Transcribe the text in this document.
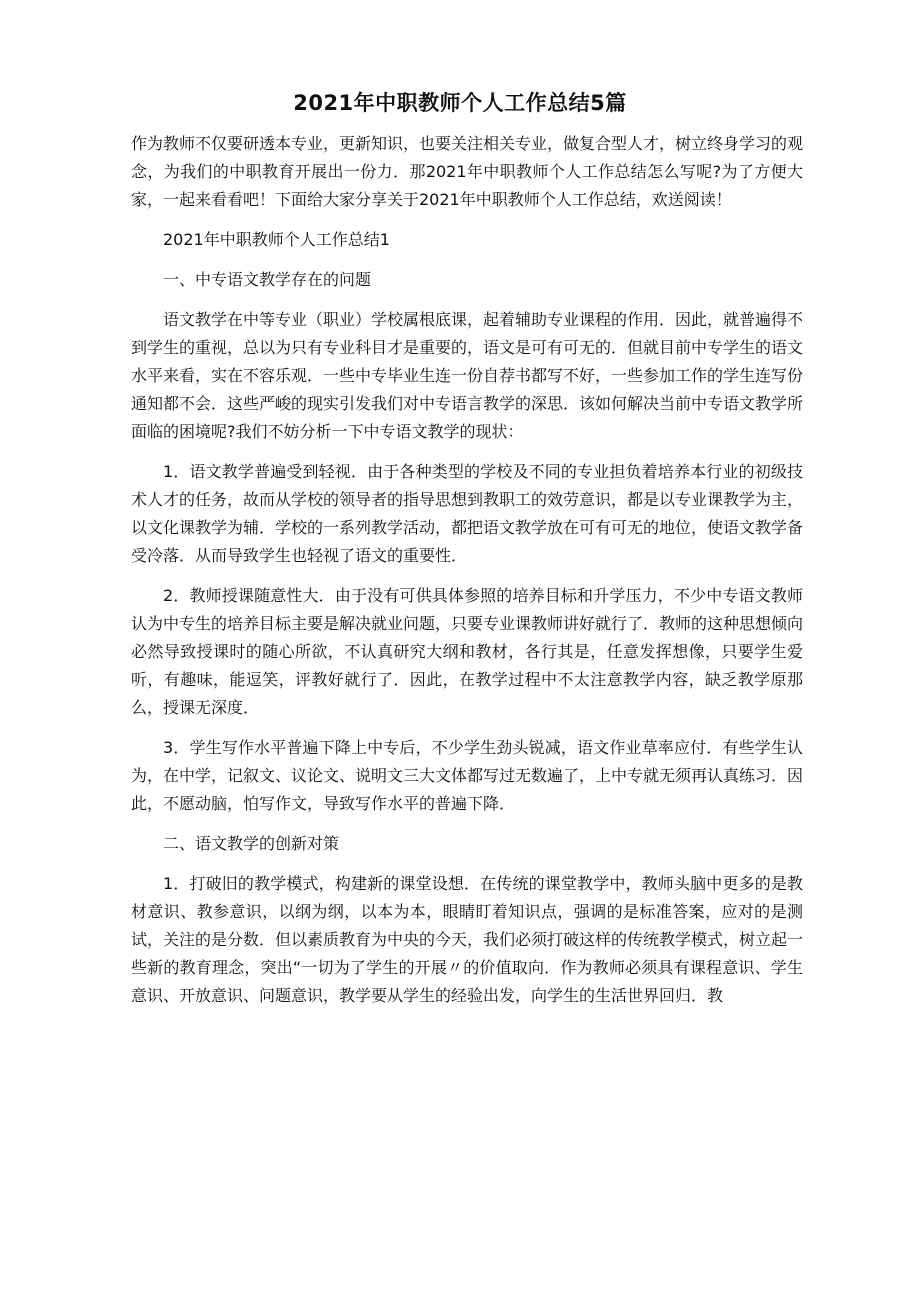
2021年中职教师个人工作总结5篇

作为教师不仅要研透本专业，更新知识，也要关注相关专业，做复合型人才，树立终身学习的观念，为我们的中职教育开展出一份力．那2021年中职教师个人工作总结怎么写呢?为了方便大家，一起来看看吧！下面给大家分享关于2021年中职教师个人工作总结，欢送阅读！

2021年中职教师个人工作总结1

一、中专语文教学存在的问题

语文教学在中等专业（职业）学校属根底课，起着辅助专业课程的作用．因此，就普遍得不到学生的重视，总以为只有专业科目才是重要的，语文是可有可无的．但就目前中专学生的语文水平来看，实在不容乐观．一些中专毕业生连一份自荐书都写不好，一些参加工作的学生连写份通知都不会．这些严峻的现实引发我们对中专语言教学的深思．该如何解决当前中专语文教学所面临的困境呢?我们不妨分析一下中专语文教学的现状：

1．语文教学普遍受到轻视．由于各种类型的学校及不同的专业担负着培养本行业的初级技术人才的任务，故而从学校的领导者的指导思想到教职工的效劳意识，都是以专业课教学为主，以文化课教学为辅．学校的一系列教学活动，都把语文教学放在可有可无的地位，使语文教学备受冷落．从而导致学生也轻视了语文的重要性．

2．教师授课随意性大．由于没有可供具体参照的培养目标和升学压力，不少中专语文教师认为中专生的培养目标主要是解决就业问题，只要专业课教师讲好就行了．教师的这种思想倾向必然导致授课时的随心所欲，不认真研究大纲和教材，各行其是，任意发挥想像，只要学生爱听，有趣味，能逗笑，评教好就行了．因此，在教学过程中不太注意教学内容，缺乏教学原那么，授课无深度．

3．学生写作水平普遍下降上中专后，不少学生劲头锐减，语文作业草率应付．有些学生认为，在中学，记叙文、议论文、说明文三大文体都写过无数遍了，上中专就无须再认真练习．因此，不愿动脑，怕写作文，导致写作水平的普遍下降．

二、语文教学的创新对策

1．打破旧的教学模式，构建新的课堂设想．在传统的课堂教学中，教师头脑中更多的是教材意识、教参意识，以纲为纲，以本为本，眼睛盯着知识点，强调的是标准答案，应对的是测试，关注的是分数．但以素质教育为中央的今天，我们必须打破这样的传统教学模式，树立起一些新的教育理念，突出“一切为了学生的开展〃的价值取向．作为教师必须具有课程意识、学生意识、开放意识、问题意识，教学要从学生的经验出发，向学生的生活世界回归．教
